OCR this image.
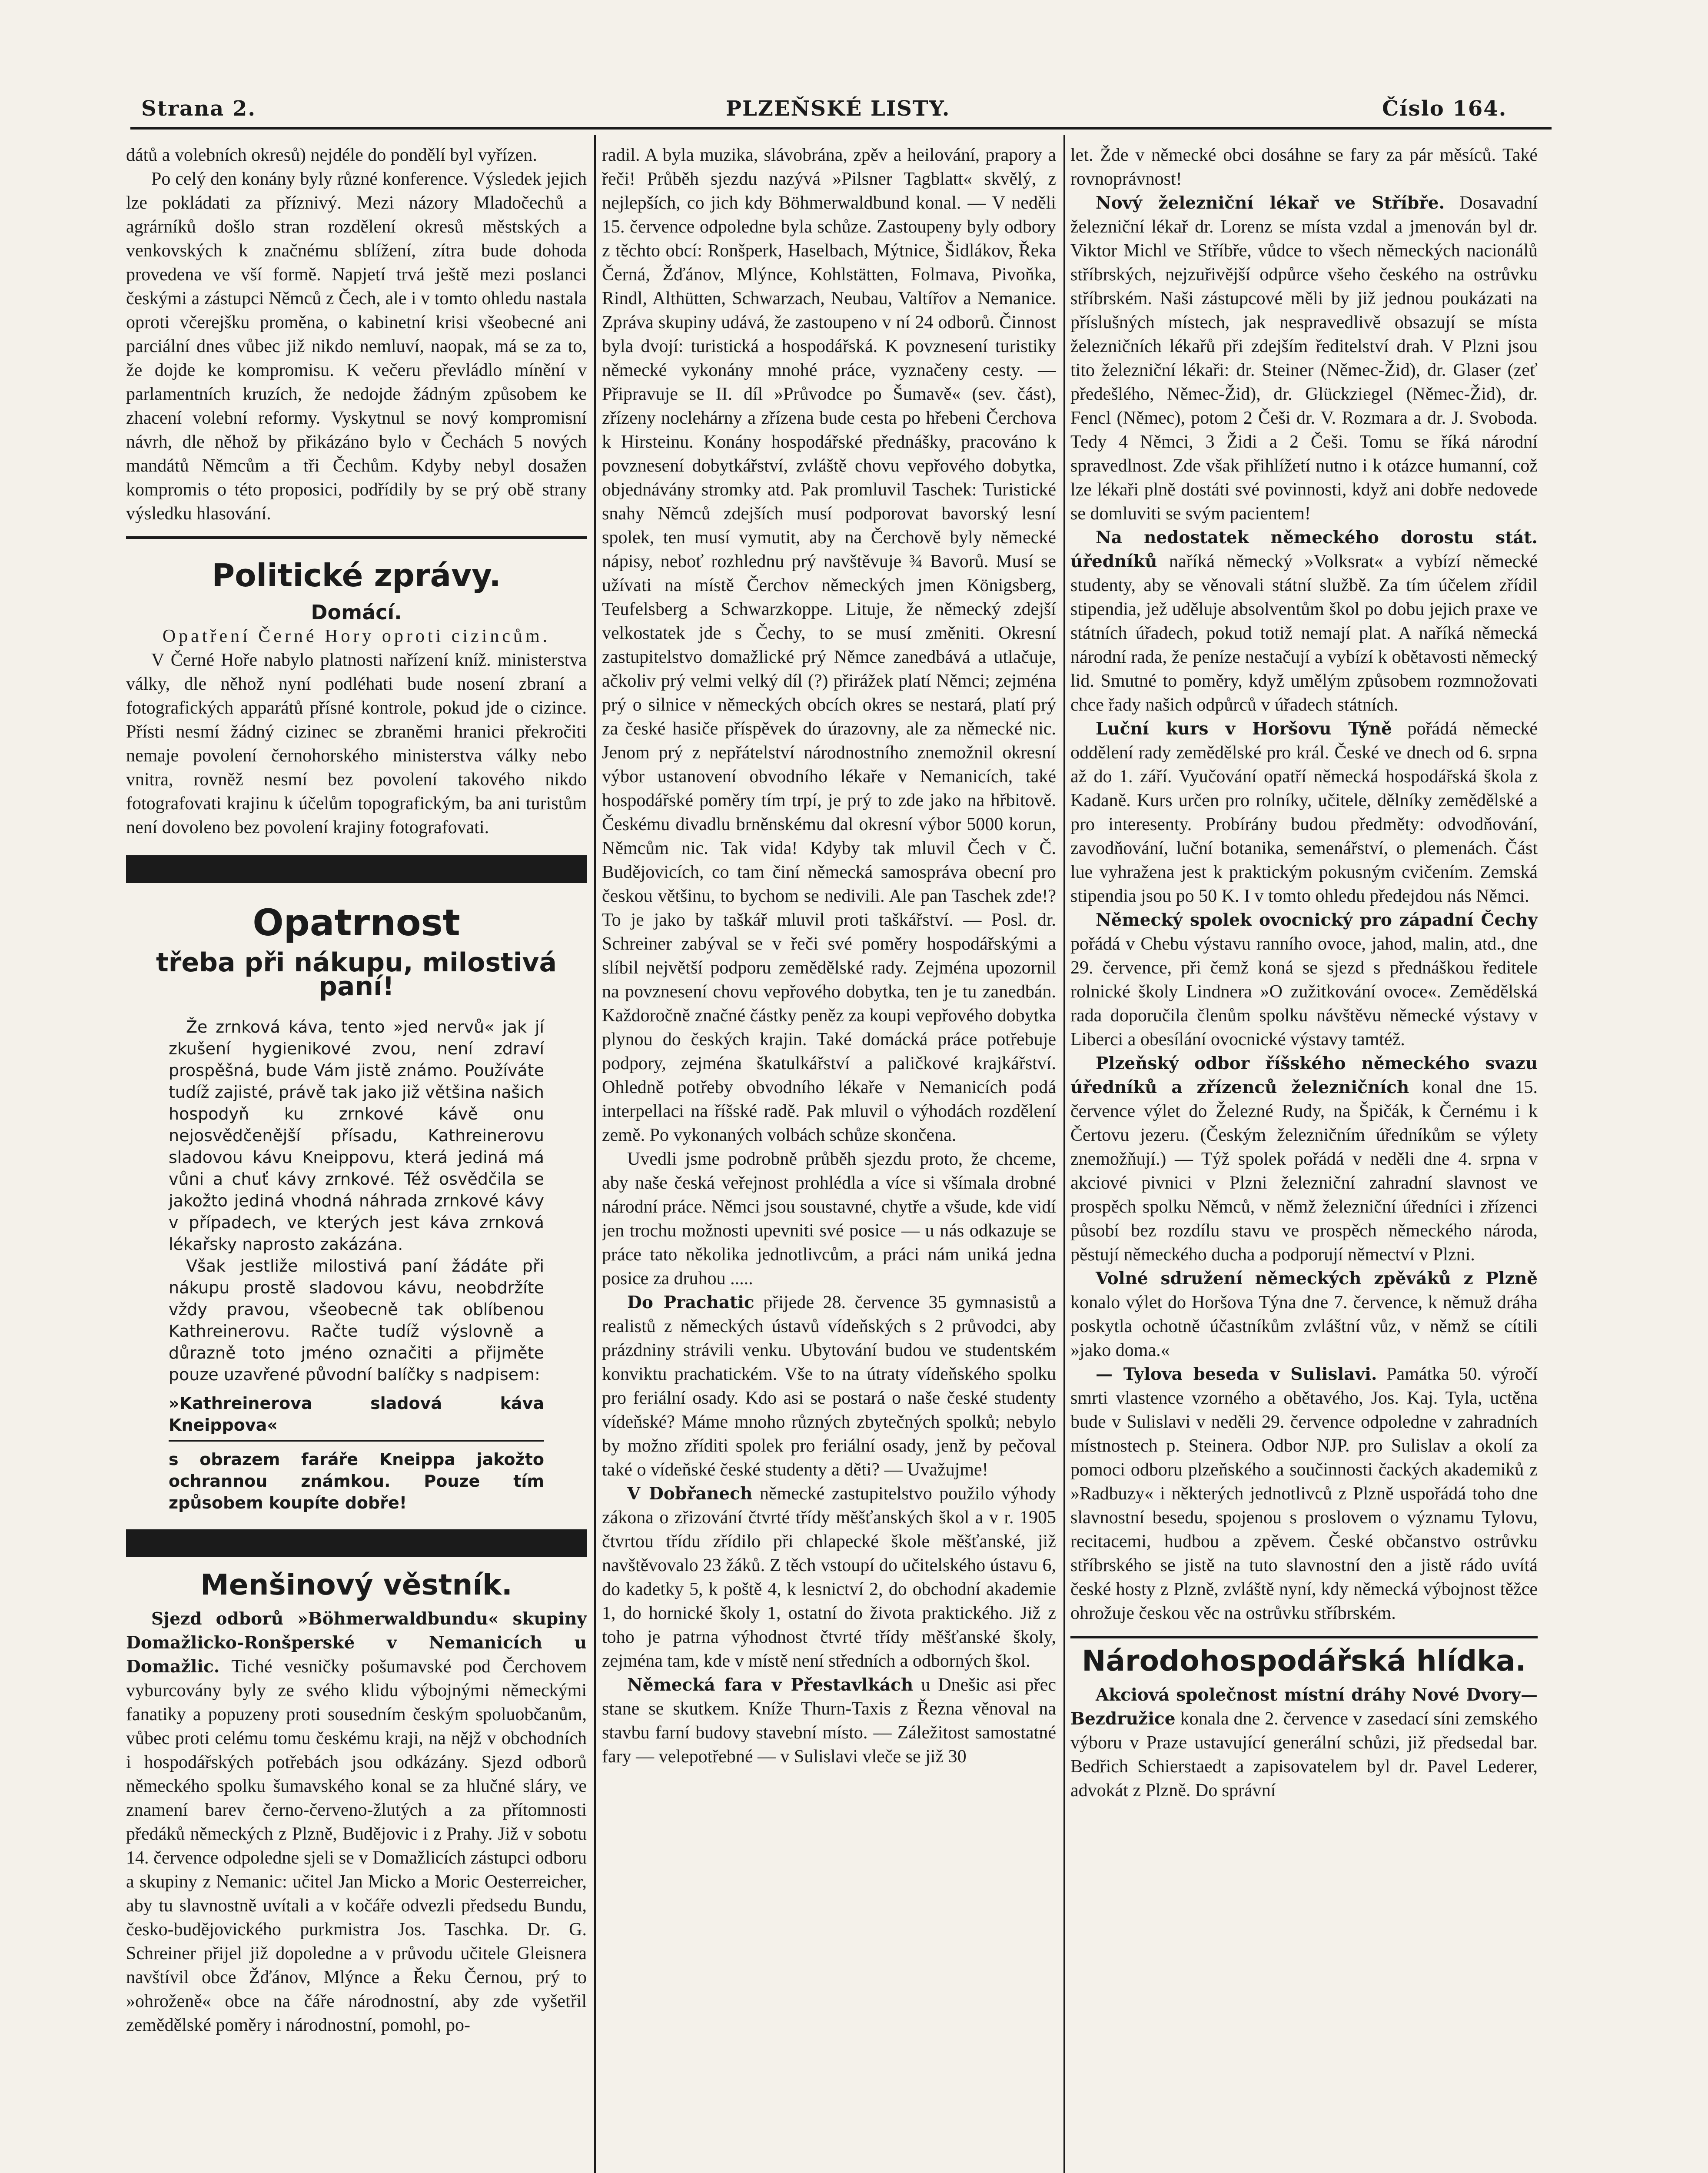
Strana 2.	PLZEŇSKÉ LISTY.	Číslo 164.

dátů a volebních okresů) nejdéle do pondělí byl vyřízen.

Po celý den konány byly různé konference. Výsledek jejich lze pokládati za příznivý. Mezi názory Mladočechů a agrárníků došlo stran rozdělení okresů městských a venkovských k značnému sblížení, zítra bude dohoda provedena ve vší formě. Napjetí trvá ještě mezi poslanci českými a zástupci Němců z Čech, ale i v tomto ohledu nastala oproti včerejšku proměna, o kabinetní krisi všeobecné ani parciální dnes vůbec již nikdo nemluví, naopak, má se za to, že dojde ke kompromisu. K večeru převládlo mínění v parlamentních kruzích, že nedojde žádným způsobem ke zhacení volební reformy. Vyskytnul se nový kompromisní návrh, dle něhož by přikázáno bylo v Čechách 5 nových mandátů Němcům a tři Čechům. Kdyby nebyl dosažen kompromis o této proposici, podřídily by se prý obě strany výsledku hlasování.

Politické zprávy.
Domácí.

Opatření Černé Hory oproti cizincům.

V Černé Hoře nabylo platnosti nařízení kníž. ministerstva války, dle něhož nyní podléhati bude nosení zbraní a fotografických apparátů přísné kontrole, pokud jde o cizince. Přísti nesmí žádný cizinec se zbraněmi hranici překročiti nemaje povolení černohorského ministerstva války nebo vnitra, rovněž nesmí bez povolení takového nikdo fotografovati krajinu k účelům topografickým, ba ani turistům není dovoleno bez povolení krajiny fotografovati.

Opatrnost
třeba při nákupu, milostivá paní!

Že zrnková káva, tento »jed nervů« jak jí zkušení hygienikové zvou, není zdraví prospěšná, bude Vám jistě známo. Používáte tudíž zajisté, právě tak jako již většina našich hospodyň ku zrnkové kávě onu nejosvědčenější přísadu, Kathreinerovu sladovou kávu Kneippovu, která jediná má vůni a chuť kávy zrnkové. Též osvědčila se jakožto jediná vhodná náhrada zrnkové kávy v případech, ve kterých jest káva zrnková lékařsky naprosto zakázána.

Však jestliže milostivá paní žádáte při nákupu prostě sladovou kávu, neobdržíte vždy pravou, všeobecně tak oblíbenou Kathreinerovu. Račte tudíž výslovně a důrazně toto jméno označiti a přijměte pouze uzavřené původní balíčky s nadpisem:

»Kathreinerova sladová káva Kneippova«
s obrazem faráře Kneippa jakožto ochrannou známkou. Pouze tím způsobem koupíte dobře!
Menšinový věstník.

Sjezd odborů »Böhmerwaldbundu« skupiny Domažlicko-Ronšperské v Nemanicích u Domažlic. Tiché vesničky pošumavské pod Čerchovem vyburcovány byly ze svého klidu výbojnými německými fanatiky a popuzeny proti sousedním českým spoluobčanům, vůbec proti celému tomu českému kraji, na nějž v obchodních i hospodářských potřebách jsou odkázány. Sjezd odborů německého spolku šumavského konal se za hlučné sláry, ve znamení barev černo-červeno-žlutých a za přítomnosti předáků německých z Plzně, Budějovic i z Prahy. Již v sobotu 14. července odpoledne sjeli se v Domažlicích zástupci odboru a skupiny z Nemanic: učitel Jan Micko a Moric Oesterreicher, aby tu slavnostně uvítali a v kočáře odvezli předsedu Bundu, česko-budějovického purkmistra Jos. Taschka. Dr. G. Schreiner přijel již dopoledne a v průvodu učitele Gleisnera navštívil obce Žďánov, Mlýnce a Řeku Černou, prý to »ohroženě« obce na čáře národnostní, aby zde vyšetřil zemědělské poměry i národnostní, pomohl, po-

radil. A byla muzika, slávobrána, zpěv a heilování, prapory a řeči! Průběh sjezdu nazývá »Pilsner Tagblatt« skvělý, z nejlepších, co jich kdy Böhmerwaldbund konal. — V neděli 15. července odpoledne byla schůze. Zastoupeny byly odbory z těchto obcí: Ronšperk, Haselbach, Mýtnice, Šidlákov, Řeka Černá, Žďánov, Mlýnce, Kohlstätten, Folmava, Pivoňka, Rindl, Althütten, Schwarzach, Neubau, Valtířov a Nemanice. Zpráva skupiny udává, že zastoupeno v ní 24 odborů. Činnost byla dvojí: turistická a hospodářská. K povznesení turistiky německé vykonány mnohé práce, vyznačeny cesty. — Připravuje se II. díl »Průvodce po Šumavě« (sev. část), zřízeny noclehárny a zřízena bude cesta po hřebeni Čerchova k Hirsteinu. Konány hospodářské přednášky, pracováno k povznesení dobytkářství, zvláště chovu vepřového dobytka, objednávány stromky atd. Pak promluvil Taschek: Turistické snahy Němců zdejších musí podporovat bavorský lesní spolek, ten musí vymutit, aby na Čerchově byly německé nápisy, neboť rozhlednu prý navštěvuje ¾ Bavorů. Musí se užívati na místě Čerchov německých jmen Königsberg, Teufelsberg a Schwarzkoppe. Lituje, že německý zdejší velkostatek jde s Čechy, to se musí změniti. Okresní zastupitelstvo domažlické prý Němce zanedbává a utlačuje, ačkoliv prý velmi velký díl (?) přirážek platí Němci; zejména prý o silnice v německých obcích okres se nestará, platí prý za české hasiče příspěvek do úrazovny, ale za německé nic. Jenom prý z nepřátelství národnostního znemožnil okresní výbor ustanovení obvodního lékaře v Nemanicích, také hospodářské poměry tím trpí, je prý to zde jako na hřbitově. Českému divadlu brněnskému dal okresní výbor 5000 korun, Němcům nic. Tak vida! Kdyby tak mluvil Čech v Č. Budějovicích, co tam činí německá samospráva obecní pro českou většinu, to bychom se nedivili. Ale pan Taschek zde!? To je jako by taškář mluvil proti taškářství. — Posl. dr. Schreiner zabýval se v řeči své poměry hospodářskými a slíbil největší podporu zemědělské rady. Zejména upozornil na povznesení chovu vepřového dobytka, ten je tu zanedbán. Každoročně značné částky peněz za koupi vepřového dobytka plynou do českých krajin. Také domácká práce potřebuje podpory, zejména škatulkářství a paličkové krajkářství. Ohledně potřeby obvodního lékaře v Nemanicích podá interpellaci na říšské radě. Pak mluvil o výhodách rozdělení země. Po vykonaných volbách schůze skončena.

Uvedli jsme podrobně průběh sjezdu proto, že chceme, aby naše česká veřejnost prohlédla a více si všímala drobné národní práce. Němci jsou soustavné, chytře a všude, kde vidí jen trochu možnosti upevniti své posice — u nás odkazuje se práce tato několika jednotlivcům, a práci nám uniká jedna posice za druhou .....

Do Prachatic přijede 28. července 35 gymnasistů a realistů z německých ústavů vídeňských s 2 průvodci, aby prázdniny strávili venku. Ubytování budou ve studentském konviktu prachatickém. Vše to na útraty vídeňského spolku pro feriální osady. Kdo asi se postará o naše české studenty vídeňské? Máme mnoho různých zbytečných spolků; nebylo by možno zříditi spolek pro feriální osady, jenž by pečoval také o vídeňské české studenty a děti? — Uvažujme!

V Dobřanech německé zastupitelstvo použilo výhody zákona o zřizování čtvrté třídy měšťanských škol a v r. 1905 čtvrtou třídu zřídilo při chlapecké škole měšťanské, již navštěvovalo 23 žáků. Z těch vstoupí do učitelského ústavu 6, do kadetky 5, k poště 4, k lesnictví 2, do obchodní akademie 1, do hornické školy 1, ostatní do života praktického. Již z toho je patrna výhodnost čtvrté třídy měšťanské školy, zejména tam, kde v místě není středních a odborných škol.

Německá fara v Přestavlkách u Dnešic asi přec stane se skutkem. Kníže Thurn-Taxis z Řezna věnoval na stavbu farní budovy stavební místo. — Záležitost samostatné fary — velepotřebné — v Sulislavi vleče se již 30

let. Žde v německé obci dosáhne se fary za pár měsíců. Také rovnoprávnost!

Nový železniční lékař ve Stříbře. Dosavadní železniční lékař dr. Lorenz se místa vzdal a jmenován byl dr. Viktor Michl ve Stříbře, vůdce to všech německých nacionálů stříbrských, nejzuřivější odpůrce všeho českého na ostrůvku stříbrském. Naši zástupcové měli by již jednou poukázati na příslušných místech, jak nespravedlivě obsazují se místa železničních lékařů při zdejším ředitelství drah. V Plzni jsou tito železniční lékaři: dr. Steiner (Němec-Žid), dr. Glaser (zeť předešlého, Němec-Žid), dr. Glückziegel (Němec-Žid), dr. Fencl (Němec), potom 2 Češi dr. V. Rozmara a dr. J. Svoboda. Tedy 4 Němci, 3 Židi a 2 Češi. Tomu se říká národní spravedlnost. Zde však přihlížetí nutno i k otázce humanní, což lze lékaři plně dostáti své povinnosti, když ani dobře nedovede se domluviti se svým pacientem!

Na nedostatek německého dorostu stát. úředníků naříká německý »Volksrat« a vybízí německé studenty, aby se věnovali státní službě. Za tím účelem zřídil stipendia, jež uděluje absolventům škol po dobu jejich praxe ve státních úřadech, pokud totiž nemají plat. A naříká německá národní rada, že peníze nestačují a vybízí k obětavosti německý lid. Smutné to poměry, když umělým způsobem rozmnožovati chce řady našich odpůrců v úřadech státních.

Luční kurs v Horšovu Týně pořádá německé oddělení rady zemědělské pro král. České ve dnech od 6. srpna až do 1. září. Vyučování opatří německá hospodářská škola z Kadaně. Kurs určen pro rolníky, učitele, dělníky zemědělské a pro interesenty. Probírány budou předměty: odvodňování, zavodňování, luční botanika, semenářství, o plemenách. Část lue vyhražena jest k praktickým pokusným cvičením. Zemská stipendia jsou po 50 K. I v tomto ohledu předejdou nás Němci.

Německý spolek ovocnický pro západní Čechy pořádá v Chebu výstavu ranního ovoce, jahod, malin, atd., dne 29. července, při čemž koná se sjezd s přednáškou ředitele rolnické školy Lindnera »O zužitkování ovoce«. Zemědělská rada doporučila členům spolku návštěvu německé výstavy v Liberci a obesílání ovocnické výstavy tamtéž.

Plzeňský odbor říšského německého svazu úředníků a zřízenců železničních konal dne 15. července výlet do Železné Rudy, na Špičák, k Černému i k Čertovu jezeru. (Českým železničním úředníkům se výlety znemožňují.) — Týž spolek pořádá v neděli dne 4. srpna v akciové pivnici v Plzni železniční zahradní slavnost ve prospěch spolku Němců, v němž železniční úředníci i zřízenci působí bez rozdílu stavu ve prospěch německého národa, pěstují německého ducha a podporují němectví v Plzni.

Volné sdružení německých zpěváků z Plzně konalo výlet do Horšova Týna dne 7. července, k němuž dráha poskytla ochotně účastníkům zvláštní vůz, v němž se cítili »jako doma.«

— Tylova beseda v Sulislavi. Památka 50. výročí smrti vlastence vzorného a obětavého, Jos. Kaj. Tyla, uctěna bude v Sulislavi v neděli 29. července odpoledne v zahradních místnostech p. Steinera. Odbor NJP. pro Sulislav a okolí za pomoci odboru plzeňského a součinnosti čackých akademiků z »Radbuzy« i některých jednotlivců z Plzně uspořádá toho dne slavnostní besedu, spojenou s proslovem o významu Tylovu, recitacemi, hudbou a zpěvem. České občanstvo ostrůvku stříbrského se jistě na tuto slavnostní den a jistě rádo uvítá české hosty z Plzně, zvláště nyní, kdy německá výbojnost těžce ohrožuje českou věc na ostrůvku stříbrském.

Národohospodářská hlídka.

Akciová společnost místní dráhy Nové Dvory—Bezdružice konala dne 2. července v zasedací síni zemského výboru v Praze ustavující generální schůzi, již předsedal bar. Bedřich Schierstaedt a zapisovatelem byl dr. Pavel Lederer, advokát z Plzně. Do správní
